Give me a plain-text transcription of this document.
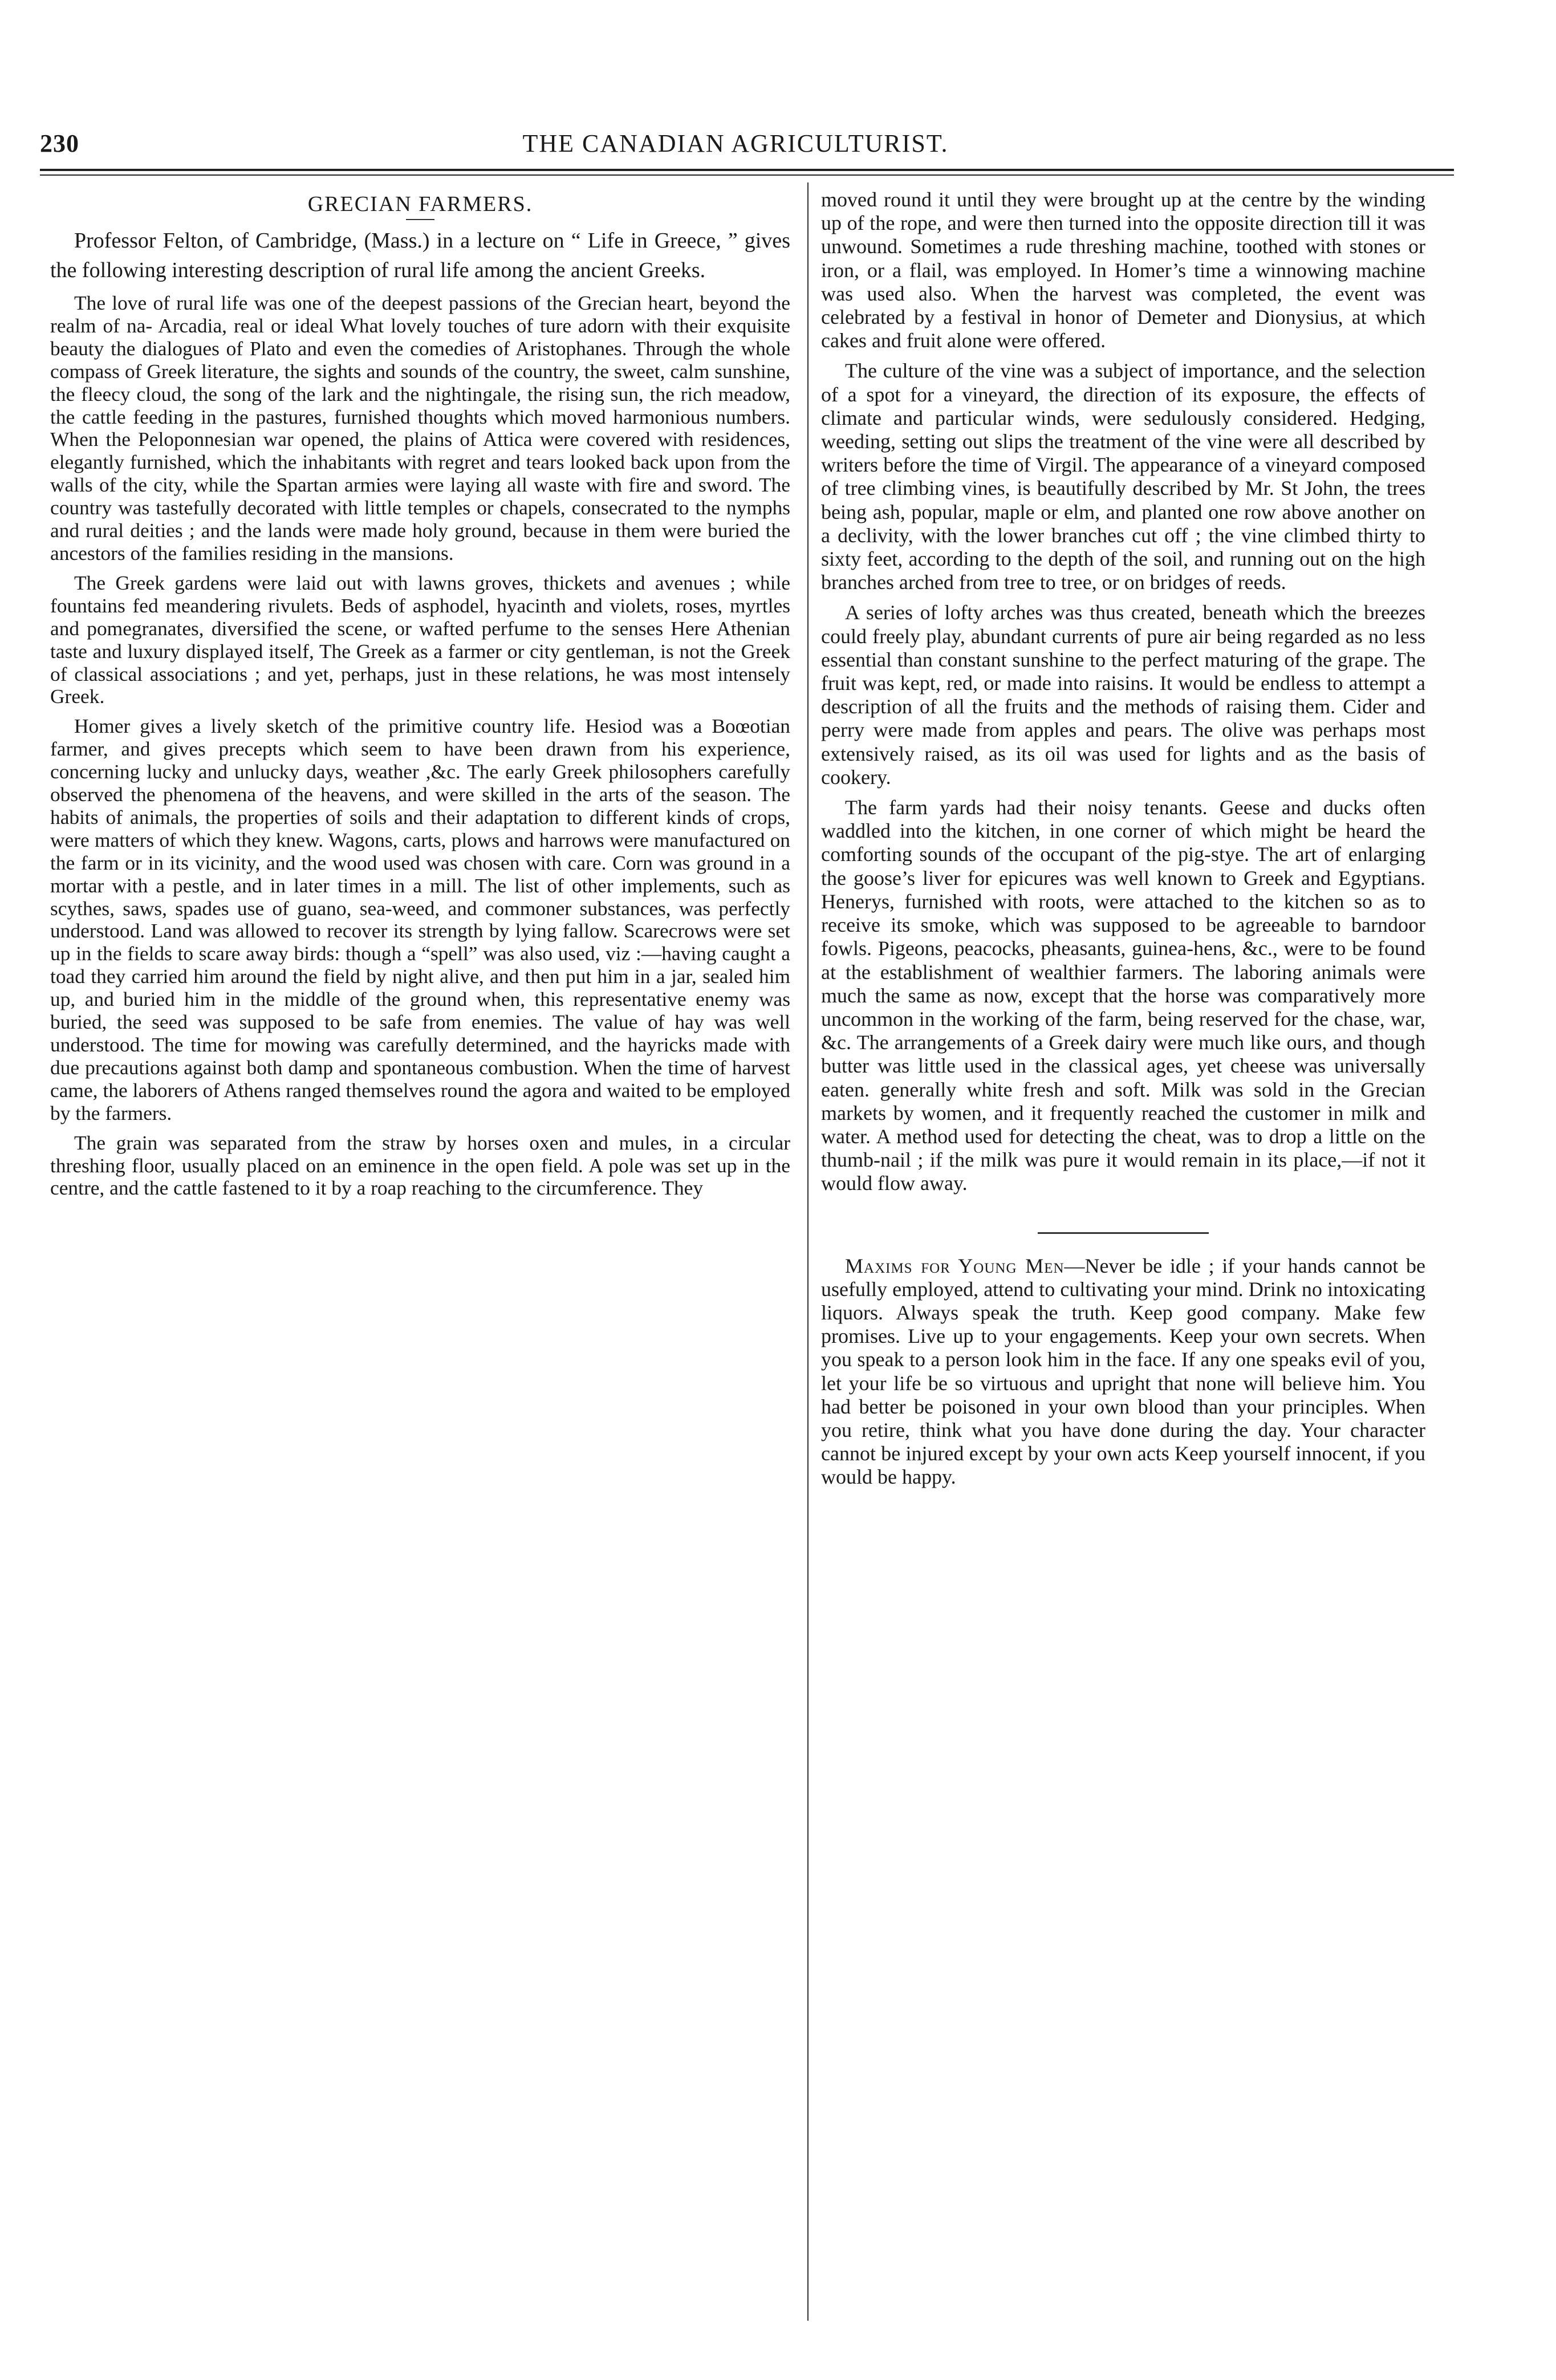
230	THE CANADIAN AGRICULTURIST.
GRECIAN FARMERS.

Professor Felton, of Cambridge, (Mass.) in a lecture on “ Life in Greece, ” gives the following interesting description of rural life among the ancient Greeks.

The love of rural life was one of the deepest passions of the Grecian heart, beyond the realm of na- Arcadia, real or ideal What lovely touches of ture adorn with their exquisite beauty the dialogues of Plato and even the comedies of Aristophanes. Through the whole compass of Greek literature, the sights and sounds of the country, the sweet, calm sunshine, the fleecy cloud, the song of the lark and the nightingale, the rising sun, the rich meadow, the cattle feeding in the pastures, furnished thoughts which moved harmonious numbers. When the Peloponnesian war opened, the plains of Attica were covered with residences, elegantly furnished, which the inhabitants with regret and tears looked back upon from the walls of the city, while the Spartan armies were laying all waste with fire and sword. The country was tastefully decorated with little temples or chapels, consecrated to the nymphs and rural deities ; and the lands were made holy ground, because in them were buried the ancestors of the families residing in the mansions.

The Greek gardens were laid out with lawns groves, thickets and avenues ; while fountains fed meandering rivulets. Beds of asphodel, hyacinth and violets, roses, myrtles and pomegranates, diversified the scene, or wafted perfume to the senses Here Athenian taste and luxury displayed itself, The Greek as a farmer or city gentleman, is not the Greek of classical associations ; and yet, perhaps, just in these relations, he was most intensely Greek.

Homer gives a lively sketch of the primitive country life. Hesiod was a Boœotian farmer, and gives precepts which seem to have been drawn from his experience, concerning lucky and unlucky days, weather ,&c. The early Greek philosophers carefully observed the phenomena of the heavens, and were skilled in the arts of the season. The habits of animals, the properties of soils and their adaptation to different kinds of crops, were matters of which they knew. Wagons, carts, plows and harrows were manufactured on the farm or in its vicinity, and the wood used was chosen with care. Corn was ground in a mortar with a pestle, and in later times in a mill. The list of other implements, such as scythes, saws, spades use of guano, sea-weed, and commoner substances, was perfectly understood. Land was allowed to recover its strength by lying fallow. Scarecrows were set up in the fields to scare away birds: though a “spell” was also used, viz :—having caught a toad they carried him around the field by night alive, and then put him in a jar, sealed him up, and buried him in the middle of the ground when, this representative enemy was buried, the seed was supposed to be safe from enemies. The value of hay was well understood. The time for mowing was carefully determined, and the hayricks made with due precautions against both damp and spontaneous combustion. When the time of harvest came, the laborers of Athens ranged themselves round the agora and waited to be employed by the farmers.

The grain was separated from the straw by horses oxen and mules, in a circular threshing floor, usually placed on an eminence in the open field. A pole was set up in the centre, and the cattle fastened to it by a roap reaching to the circumference. They

moved round it until they were brought up at the centre by the winding up of the rope, and were then turned into the opposite direction till it was unwound. Sometimes a rude threshing machine, toothed with stones or iron, or a flail, was employed. In Homer’s time a winnowing machine was used also. When the harvest was completed, the event was celebrated by a festival in honor of Demeter and Dionysius, at which cakes and fruit alone were offered.

The culture of the vine was a subject of importance, and the selection of a spot for a vineyard, the direction of its exposure, the effects of climate and particular winds, were sedulously considered. Hedging, weeding, setting out slips the treatment of the vine were all described by writers before the time of Virgil. The appearance of a vineyard composed of tree climbing vines, is beautifully described by Mr. St John, the trees being ash, popular, maple or elm, and planted one row above another on a declivity, with the lower branches cut off ; the vine climbed thirty to sixty feet, according to the depth of the soil, and running out on the high branches arched from tree to tree, or on bridges of reeds.

A series of lofty arches was thus created, beneath which the breezes could freely play, abundant currents of pure air being regarded as no less essential than constant sunshine to the perfect maturing of the grape. The fruit was kept, red, or made into raisins. It would be endless to attempt a description of all the fruits and the methods of raising them. Cider and perry were made from apples and pears. The olive was perhaps most extensively raised, as its oil was used for lights and as the basis of cookery.

The farm yards had their noisy tenants. Geese and ducks often waddled into the kitchen, in one corner of which might be heard the comforting sounds of the occupant of the pig-stye. The art of enlarging the goose’s liver for epicures was well known to Greek and Egyptians. Henerys, furnished with roots, were attached to the kitchen so as to receive its smoke, which was supposed to be agreeable to barndoor fowls. Pigeons, peacocks, pheasants, guinea-hens, &c., were to be found at the establishment of wealthier farmers. The laboring animals were much the same as now, except that the horse was comparatively more uncommon in the working of the farm, being reserved for the chase, war, &c. The arrangements of a Greek dairy were much like ours, and though butter was little used in the classical ages, yet cheese was universally eaten. generally white fresh and soft. Milk was sold in the Grecian markets by women, and it frequently reached the customer in milk and water. A method used for detecting the cheat, was to drop a little on the thumb-nail ; if the milk was pure it would remain in its place,—if not it would flow away.

Maxims for Young Men—Never be idle ; if your hands cannot be usefully employed, attend to cultivating your mind. Drink no intoxicating liquors. Always speak the truth. Keep good company. Make few promises. Live up to your engagements. Keep your own secrets. When you speak to a person look him in the face. If any one speaks evil of you, let your life be so virtuous and upright that none will believe him. You had better be poisoned in your own blood than your principles. When you retire, think what you have done during the day. Your character cannot be injured except by your own acts Keep yourself innocent, if you would be happy.
